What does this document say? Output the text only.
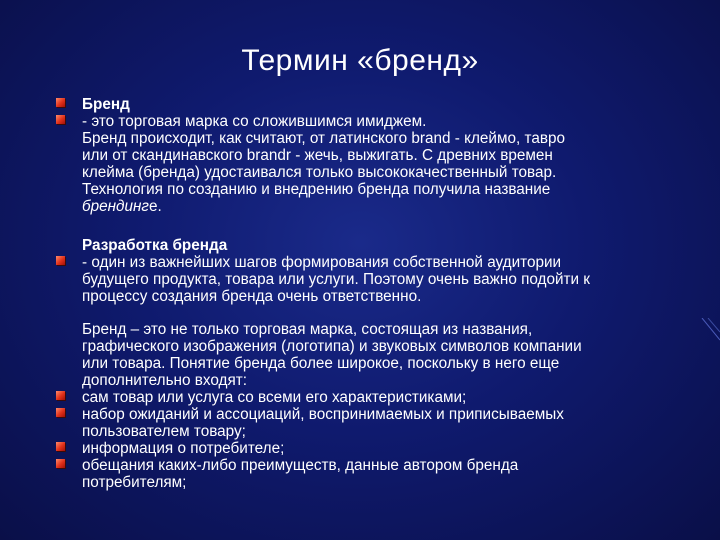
Термин «бренд»
Бренд
- это торговая марка со сложившимся имиджем.
Бренд происходит, как считают, от латинского brand - клеймо, тавро
или от скандинавского brandr - жечь, выжигать. С древних времен
клейма (бренда) удостаивался только высококачественный товар.
Технология по созданию и внедрению бренда получила название
брендинге.
Разработка бренда
- один из важнейших шагов формирования собственной аудитории
будущего продукта, товара или услуги. Поэтому очень важно подойти к
процессу создания бренда очень ответственно.
Бренд – это не только торговая марка, состоящая из названия,
графического изображения (логотипа) и звуковых символов компании
или товара. Понятие бренда более широкое, поскольку в него еще
дополнительно входят:
сам товар или услуга со всеми его характеристиками;
набор ожиданий и ассоциаций, воспринимаемых и приписываемых
пользователем товару;
информация о потребителе;
обещания каких-либо преимуществ, данные автором бренда
потребителям;
